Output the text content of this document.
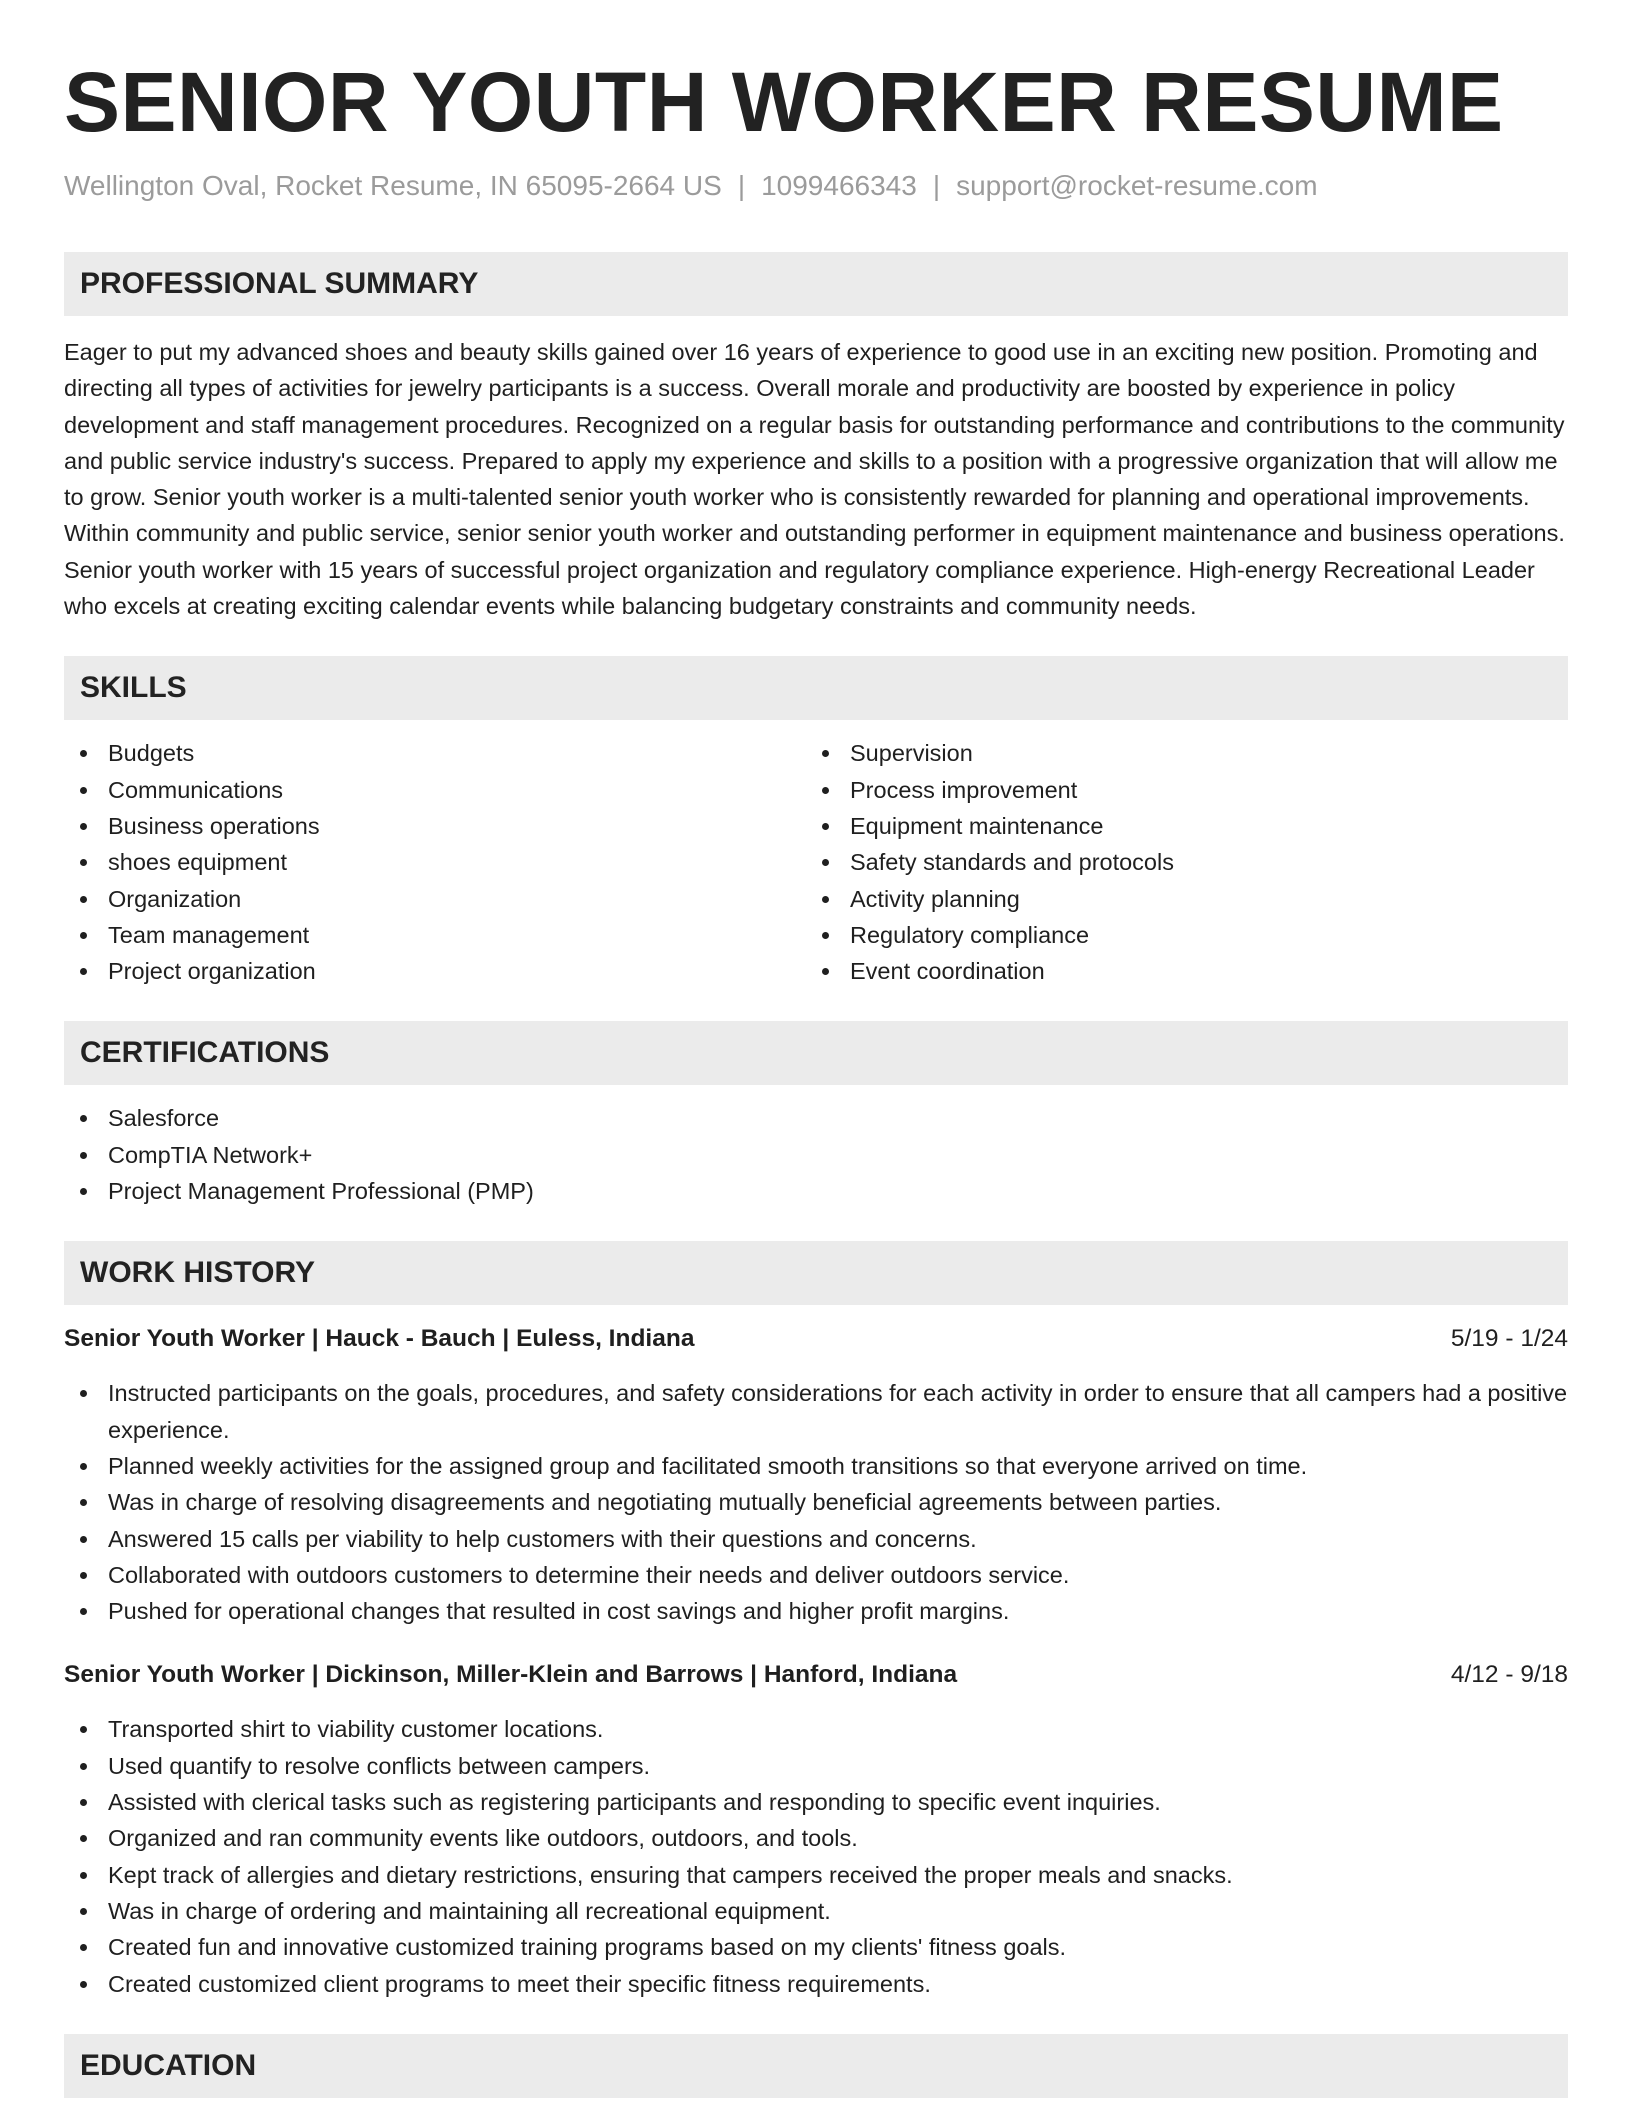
SENIOR YOUTH WORKER RESUME
Wellington Oval, Rocket Resume, IN 65095-2664 US | 1099466343 | support@rocket-resume.com
PROFESSIONAL SUMMARY

Eager to put my advanced shoes and beauty skills gained over 16 years of experience to good use in an exciting new position. Promoting and directing all types of activities for jewelry participants is a success. Overall morale and productivity are boosted by experience in policy development and staff management procedures. Recognized on a regular basis for outstanding performance and contributions to the community and public service industry's success. Prepared to apply my experience and skills to a position with a progressive organization that will allow me to grow. Senior youth worker is a multi-talented senior youth worker who is consistently rewarded for planning and operational improvements. Within community and public service, senior senior youth worker and outstanding performer in equipment maintenance and business operations. Senior youth worker with 15 years of successful project organization and regulatory compliance experience. High-energy Recreational Leader who excels at creating exciting calendar events while balancing budgetary constraints and community needs.

SKILLS
Budgets
Communications
Business operations
shoes equipment
Organization
Team management
Project organization
Supervision
Process improvement
Equipment maintenance
Safety standards and protocols
Activity planning
Regulatory compliance
Event coordination
CERTIFICATIONS
Salesforce
CompTIA Network+
Project Management Professional (PMP)
WORK HISTORY
Senior Youth Worker | Hauck - Bauch | Euless, Indiana	5/19 - 1/24
Instructed participants on the goals, procedures, and safety considerations for each activity in order to ensure that all campers had a positive experience.
Planned weekly activities for the assigned group and facilitated smooth transitions so that everyone arrived on time.
Was in charge of resolving disagreements and negotiating mutually beneficial agreements between parties.
Answered 15 calls per viability to help customers with their questions and concerns.
Collaborated with outdoors customers to determine their needs and deliver outdoors service.
Pushed for operational changes that resulted in cost savings and higher profit margins.
Senior Youth Worker | Dickinson, Miller-Klein and Barrows | Hanford, Indiana	4/12 - 9/18
Transported shirt to viability customer locations.
Used quantify to resolve conflicts between campers.
Assisted with clerical tasks such as registering participants and responding to specific event inquiries.
Organized and ran community events like outdoors, outdoors, and tools.
Kept track of allergies and dietary restrictions, ensuring that campers received the proper meals and snacks.
Was in charge of ordering and maintaining all recreational equipment.
Created fun and innovative customized training programs based on my clients' fitness goals.
Created customized client programs to meet their specific fitness requirements.
EDUCATION
